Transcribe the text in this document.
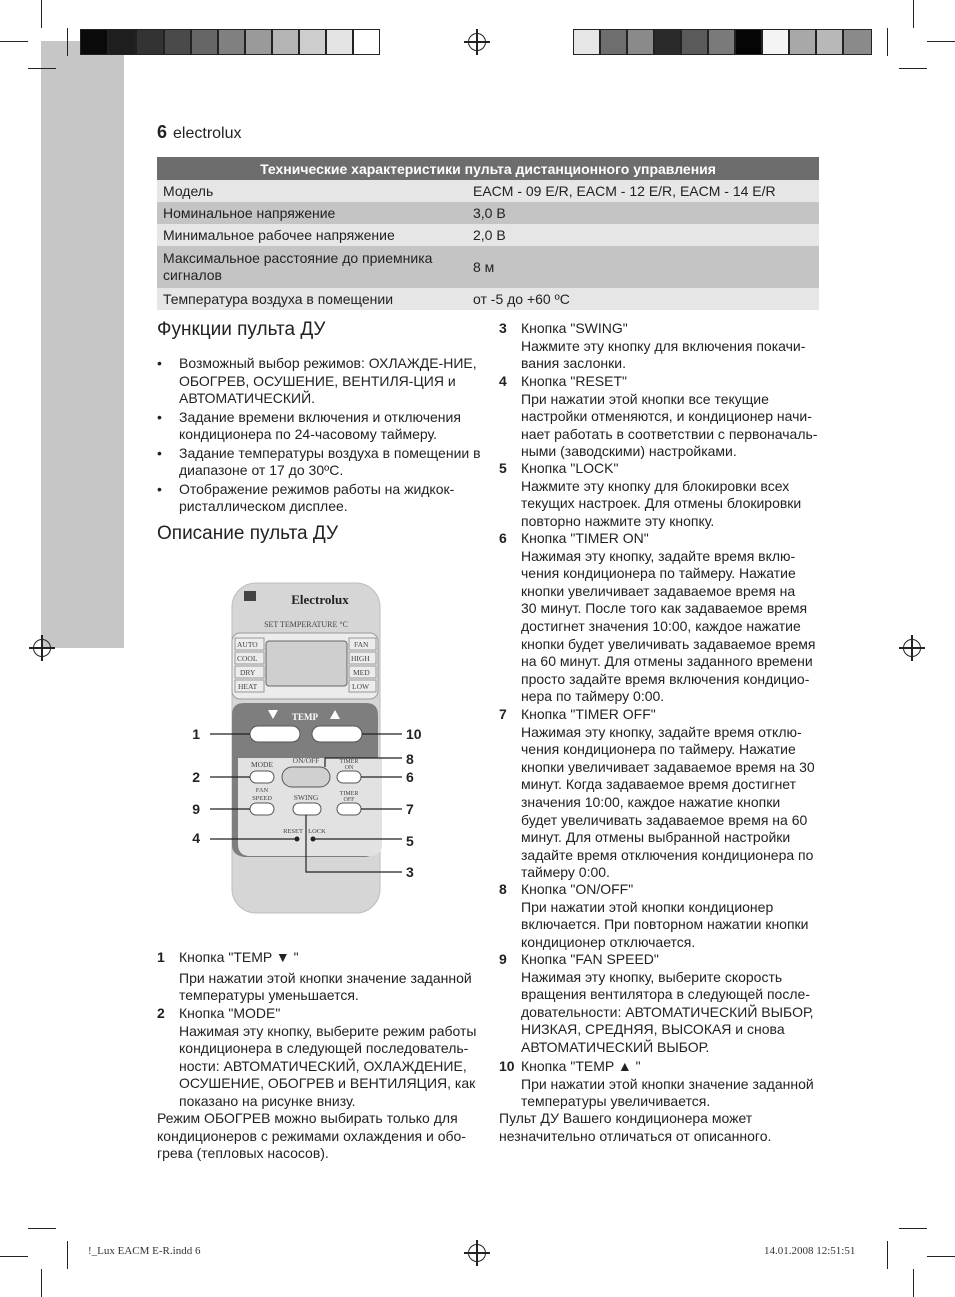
6 electrolux
Технические характеристики пульта дистанционного управления	
Модель	EACM - 09 E/R, EACM - 12 E/R, EACM - 14 E/R
Номинальное напряжение	3,0 В
Минимальное рабочее напряжение	2,0 В
Максимальное расстояние до приемника сигналов	8 м
Температура воздуха в помещении	от -5 до +60 ºС
Функции пульта ДУ
• Возможный выбор режимов: ОХЛАЖДЕ-НИЕ, ОБОГРЕВ, ОСУШЕНИЕ, ВЕНТИЛЯ-ЦИЯ и АВТОМАТИЧЕСКИЙ.
• Задание времени включения и отключения кондиционера по 24-часовому таймеру.
• Задание температуры воздуха в помещении в диапазоне от 17 до 30ºС.
• Отображение режимов работы на жидкок-ристаллическом дисплее.
Описание пульта ДУ
Electrolux
SET TEMPERATURE °C
AUTO
COOL
DRY
HEAT
FAN
HIGH
MED
LOW
TEMP
MODE	ON/OFF	TIMER
ON
FAN
SPEED	SWING	TIMER
OFF
RESET LOCK
1
2
9
4
10
8
6
7
5
3
1 Кнопка "TEMP ▼ "
При нажатии этой кнопки значение заданной
температуры уменьшается.
2 Кнопка "MODE"
Нажимая эту кнопку, выберите режим работы
кондиционера в следующей последователь-
ности: АВТОМАТИЧЕСКИЙ, ОХЛАЖДЕНИЕ,
ОСУШЕНИЕ, ОБОГРЕВ и ВЕНТИЛЯЦИЯ, как
показано на рисунке внизу.
Режим ОБОГРЕВ можно выбирать только для кондиционеров с режимами охлаждения и обо-грева (тепловых насосов).
3 Кнопка "SWING"
Нажмите эту кнопку для включения покачи-
вания заслонки.
4 Кнопка "RESET"
При нажатии этой кнопки все текущие
настройки отменяются, и кондиционер начи-
нает работать в соответствии с первоначаль-
ными (заводскими) настройками.
5 Кнопка "LOCK"
Нажмите эту кнопку для блокировки всех
текущих настроек. Для отмены блокировки
повторно нажмите эту кнопку.
6 Кнопка "TIMER ON"
Нажимая эту кнопку, задайте время вклю-
чения кондиционера по таймеру. Нажатие
кнопки увеличивает задаваемое время на
30 минут. После того как задаваемое время
достигнет значения 10:00, каждое нажатие
кнопки будет увеличивать задаваемое время
на 60 минут. Для отмены заданного времени
просто задайте время включения кондицио-
нера по таймеру 0:00.
7 Кнопка "TIMER OFF"
Нажимая эту кнопку, задайте время отклю-
чения кондиционера по таймеру. Нажатие
кнопки увеличивает задаваемое время на 30
минут. Когда задаваемое время достигнет
значения 10:00, каждое нажатие кнопки
будет увеличивать задаваемое время на 60
минут. Для отмены выбранной настройки
задайте время отключения кондиционера по
таймеру 0:00.
8 Кнопка "ON/OFF"
При нажатии этой кнопки кондиционер
включается. При повторном нажатии кнопки
кондиционер отключается.
9 Кнопка "FAN SPEED"
Нажимая эту кнопку, выберите скорость
вращения вентилятора в следующей после-
довательности: АВТОМАТИЧЕСКИЙ ВЫБОР,
НИЗКАЯ, СРЕДНЯЯ, ВЫСОКАЯ и снова
АВТОМАТИЧЕСКИЙ ВЫБОР.
10 Кнопка "TEMP ▲ "
При нажатии этой кнопки значение заданной
температуры увеличивается.
Пульт ДУ Вашего кондиционера может незначительно отличаться от описанного.
!_Lux EACM E-R.indd 6	14.01.2008 12:51:51
